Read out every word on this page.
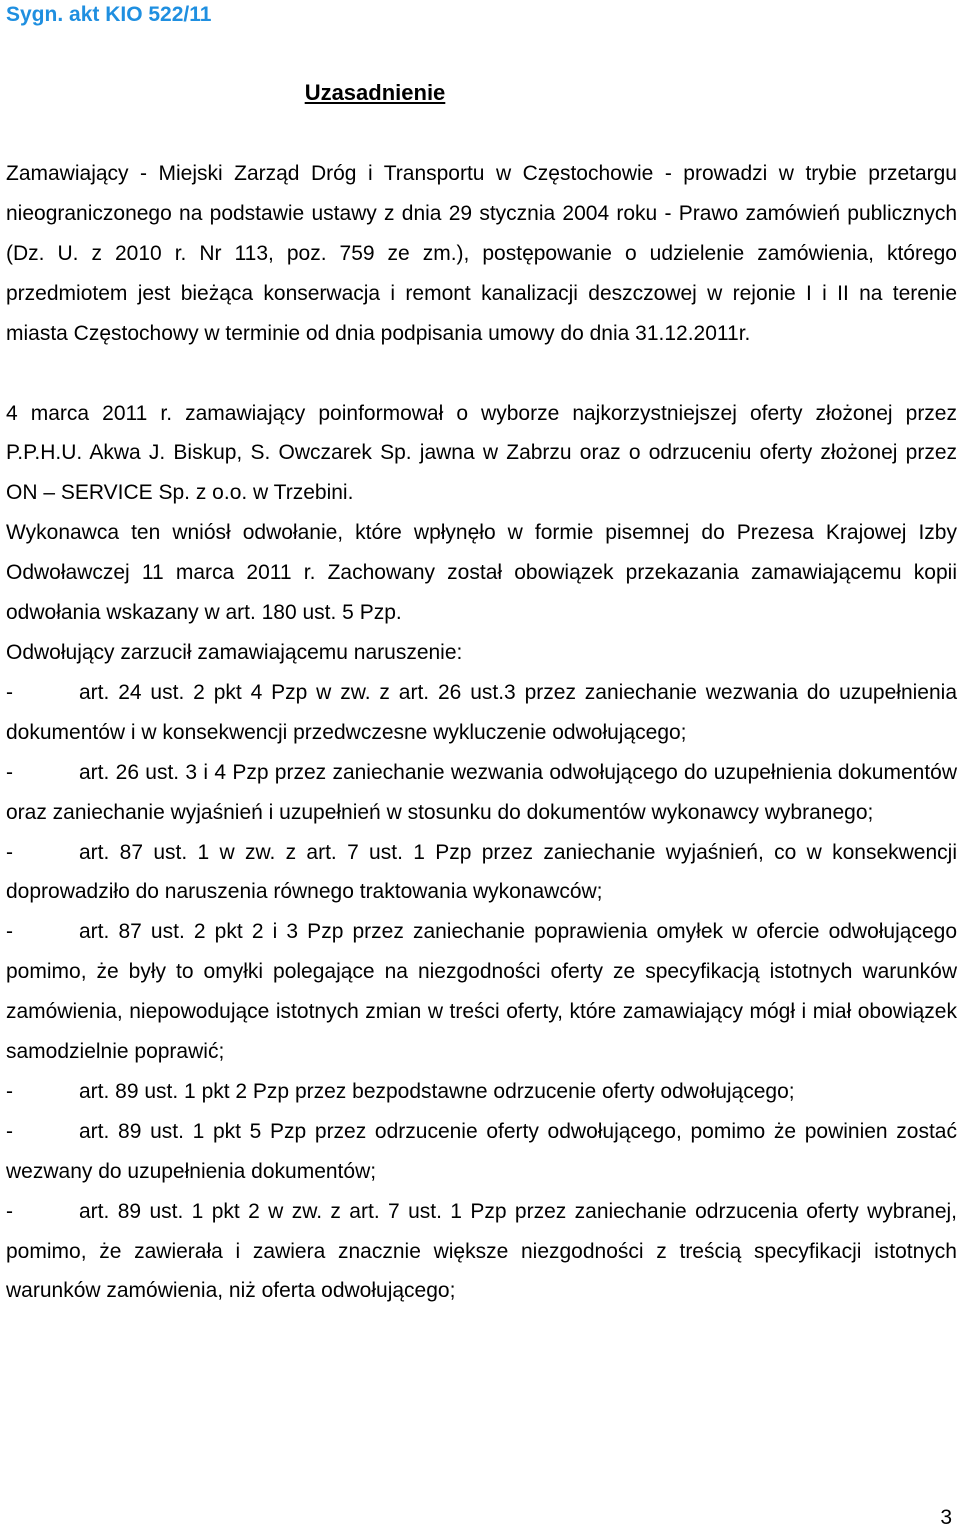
Sygn. akt KIO 522/11

Uzasadnienie

Zamawiający - Miejski Zarząd Dróg i Transportu w Częstochowie - prowadzi w trybie przetargu nieograniczonego na podstawie ustawy z dnia 29 stycznia 2004 roku - Prawo zamówień publicznych (Dz. U. z 2010 r. Nr 113, poz. 759 ze zm.), postępowanie o udzielenie zamówienia, którego przedmiotem jest bieżąca konserwacja i remont kanalizacji deszczowej w rejonie I i II na terenie miasta Częstochowy w terminie od dnia podpisania umowy do dnia 31.12.2011r.

4 marca 2011 r. zamawiający poinformował o wyborze najkorzystniejszej oferty złożonej przez P.P.H.U. Akwa J. Biskup, S. Owczarek Sp. jawna w Zabrzu oraz o odrzuceniu oferty złożonej przez ON – SERVICE Sp. z o.o. w Trzebini.

Wykonawca ten wniósł odwołanie, które wpłynęło w formie pisemnej do Prezesa Krajowej Izby Odwoławczej 11 marca 2011 r. Zachowany został obowiązek przekazania zamawiającemu kopii odwołania wskazany w art. 180 ust. 5 Pzp.

Odwołujący zarzucił zamawiającemu naruszenie:

-	art. 24 ust. 2 pkt 4 Pzp w zw. z art. 26 ust.3 przez zaniechanie wezwania do uzupełnienia dokumentów i w konsekwencji przedwczesne wykluczenie odwołującego;

-	art. 26 ust. 3 i 4 Pzp przez zaniechanie wezwania odwołującego do uzupełnienia dokumentów oraz zaniechanie wyjaśnień i uzupełnień w stosunku do dokumentów wykonawcy wybranego;

-	art. 87 ust. 1 w zw. z art. 7 ust. 1 Pzp przez zaniechanie wyjaśnień, co w konsekwencji doprowadziło do naruszenia równego traktowania wykonawców;

-	art. 87 ust. 2 pkt 2 i 3 Pzp przez zaniechanie poprawienia omyłek w ofercie odwołującego pomimo, że były to omyłki polegające na niezgodności oferty ze specyfikacją istotnych warunków zamówienia, niepowodujące istotnych zmian w treści oferty, które zamawiający mógł i miał obowiązek samodzielnie poprawić;

-	art. 89 ust. 1 pkt 2 Pzp przez bezpodstawne odrzucenie oferty odwołującego;

-	art. 89 ust. 1 pkt 5 Pzp przez odrzucenie oferty odwołującego, pomimo że powinien zostać wezwany do uzupełnienia dokumentów;

-	art. 89 ust. 1 pkt 2 w zw. z art. 7 ust. 1 Pzp przez zaniechanie odrzucenia oferty wybranej, pomimo, że zawierała i zawiera znacznie większe niezgodności z treścią specyfikacji istotnych warunków zamówienia, niż oferta odwołującego;

3
